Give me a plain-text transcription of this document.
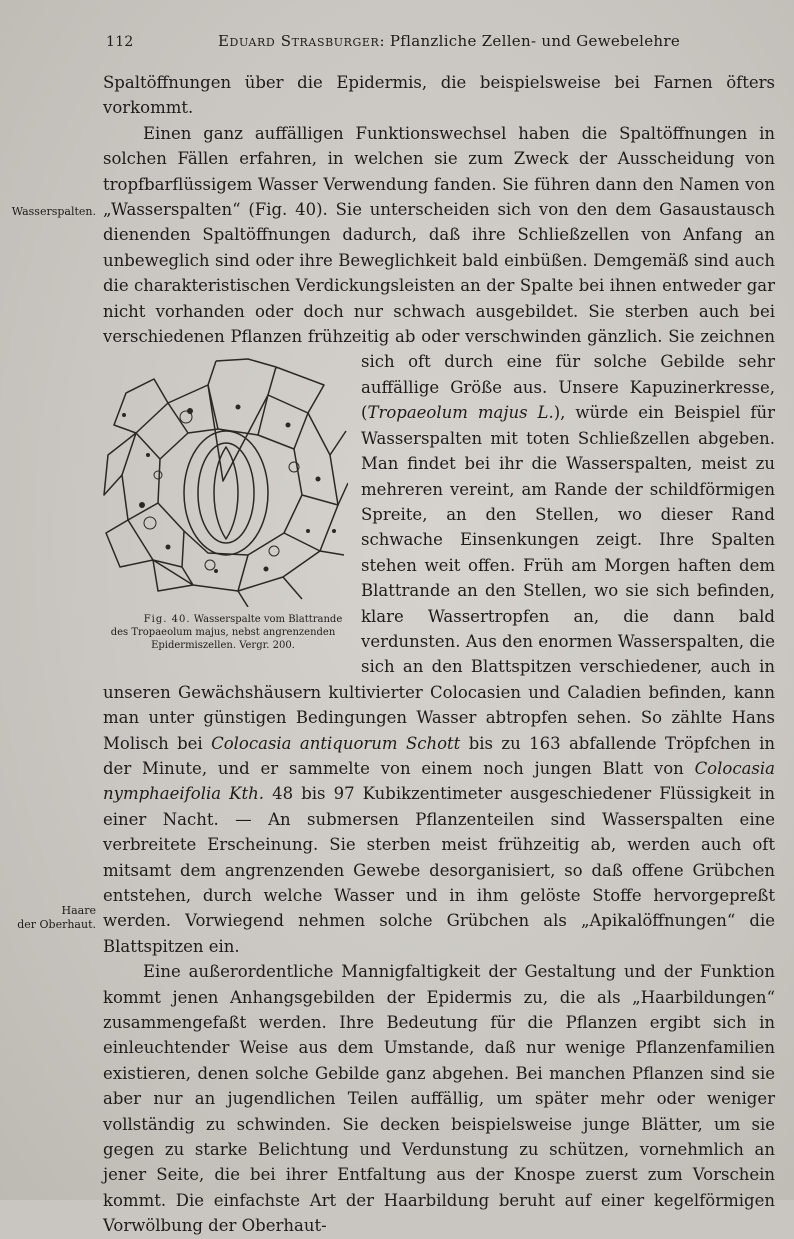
112	Eduard Strasburger: Pflanzliche Zellen- und Gewebelehre
Wasserspalten.
Haare
der Oberhaut.

Spaltöffnungen über die Epidermis, die beispielsweise bei Farnen öfters vorkommt.

Einen ganz auffälligen Funktionswechsel haben die Spaltöffnungen in solchen Fällen erfahren, in welchen sie zum Zweck der Ausscheidung von tropfbarflüssigem Wasser Verwendung fanden. Sie führen dann den Namen von „Wasserspalten“ (Fig. 40). Sie unterscheiden sich von den dem Gasaustausch dienenden Spaltöffnungen dadurch, daß ihre Schließzellen von Anfang an unbeweglich sind oder ihre Beweglichkeit bald einbüßen. Demgemäß sind auch die charakteristischen Verdickungsleisten an der Spalte bei ihnen entweder gar nicht vorhanden oder doch nur schwach ausgebildet. Sie sterben auch bei verschiedenen Pflanzen frühzeitig ab oder verschwinden gänzlich. Sie zeichnen sich
Fig. 40. Wasserspalte vom Blattrande des Tropaeolum majus, nebst angrenzenden Epidermiszellen. Vergr. 200.
oft durch eine für solche Gebilde sehr auffällige Größe aus. Unsere Kapuzinerkresse, (Tropaeolum majus L.), würde ein Beispiel für Wasserspalten mit toten Schließzellen abgeben. Man findet bei ihr die Wasserspalten, meist zu mehreren vereint, am Rande der schildförmigen Spreite, an den Stellen, wo dieser Rand schwache Einsenkungen zeigt. Ihre Spalten stehen weit offen. Früh am Morgen haften dem Blattrande an den Stellen, wo sie sich befinden, klare Wassertropfen an, die dann bald verdunsten. Aus den enormen Wasserspalten, die sich an den Blattspitzen verschiedener, auch in unseren Gewächshäusern kultivierter Colocasien und Caladien befinden, kann man unter günstigen Bedingungen Wasser abtropfen sehen. So zählte Hans Molisch bei Colocasia antiquorum Schott bis zu 163 abfallende Tröpfchen in der Minute, und er sammelte von einem noch jungen Blatt von Colocasia nymphaeifolia Kth. 48 bis 97 Kubikzentimeter ausgeschiedener Flüssigkeit in einer Nacht. — An submersen Pflanzenteilen sind Wasserspalten eine verbreitete Erscheinung. Sie sterben meist frühzeitig ab, werden auch oft mitsamt dem angrenzenden Gewebe desorganisiert, so daß offene Grübchen entstehen, durch welche Wasser und in ihm gelöste Stoffe hervorgepreßt werden. Vorwiegend nehmen solche Grübchen als „Apikalöffnungen“ die Blattspitzen ein.

Eine außerordentliche Mannigfaltigkeit der Gestaltung und der Funktion kommt jenen Anhangsgebilden der Epidermis zu, die als „Haarbildungen“ zusammengefaßt werden. Ihre Bedeutung für die Pflanzen ergibt sich in einleuchtender Weise aus dem Umstande, daß nur wenige Pflanzenfamilien existieren, denen solche Gebilde ganz abgehen. Bei manchen Pflanzen sind sie aber nur an jugendlichen Teilen auffällig, um später mehr oder weniger vollständig zu schwinden. Sie decken beispielsweise junge Blätter, um sie gegen zu starke Belichtung und Verdunstung zu schützen, vornehmlich an jener Seite, die bei ihrer Entfaltung aus der Knospe zuerst zum Vorschein kommt. Die einfachste Art der Haarbildung beruht auf einer kegelförmigen Vorwölbung der Oberhaut-
